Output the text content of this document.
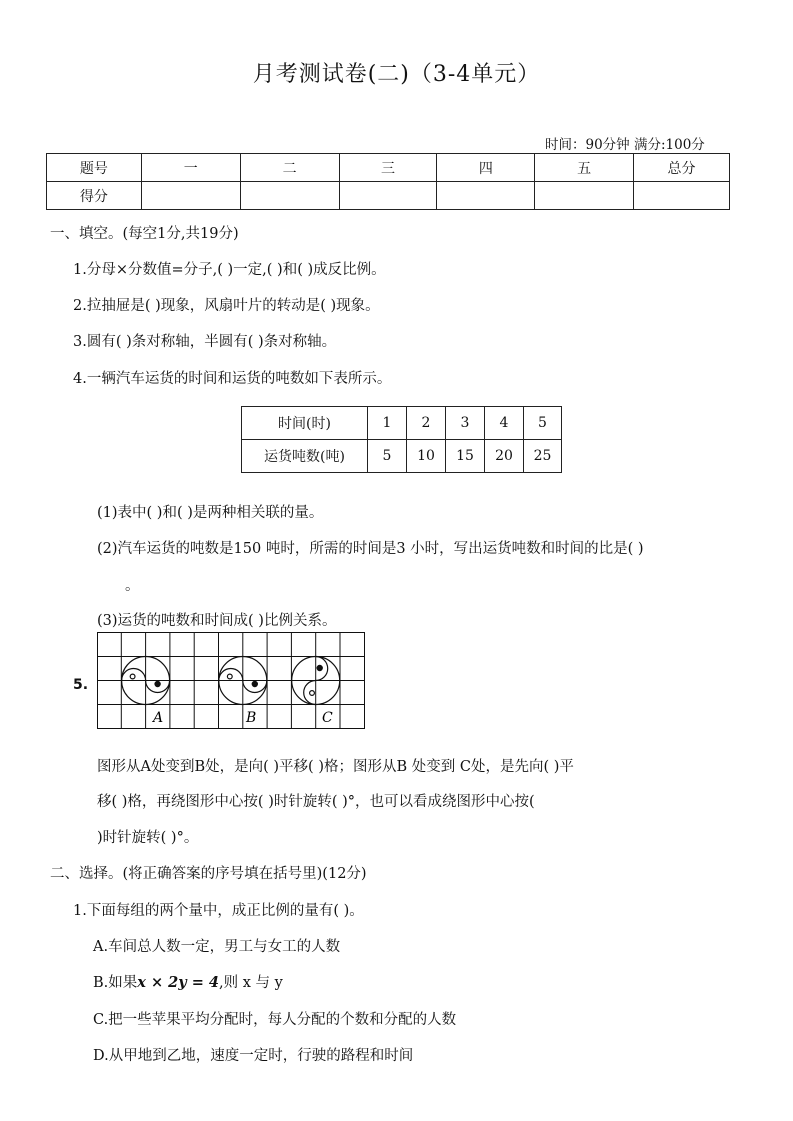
月考测试卷(二)（3-4单元）
时间：90分钟 满分:100分
题号	一	二	三	四	五	总分
得分						
一、填空。(每空1分,共19分)
1.分母×分数值=分子,( )一定,( )和( )成反比例。
2.拉抽屉是( )现象，风扇叶片的转动是( )现象。
3.圆有( )条对称轴，半圆有( )条对称轴。
4.一辆汽车运货的时间和运货的吨数如下表所示。
时间(时)	1	2	3	4	5
运货吨数(吨)	5	10	15	20	25
(1)表中( )和( )是两种相关联的量。
(2)汽车运货的吨数是150 吨时，所需的时间是3 小时，写出运货吨数和时间的比是( )
。
(3)运货的吨数和时间成( )比例关系。
5.
A	B	C
图形从A处变到B处，是向( )平移( )格；图形从B 处变到 C处，是先向( )平
移( )格，再绕图形中心按( )时针旋转( )°，也可以看成绕图形中心按(
)时针旋转( )°。
二、选择。(将正确答案的序号填在括号里)(12分)
1.下面每组的两个量中，成正比例的量有( )。
A.车间总人数一定，男工与女工的人数
B.如果x × 2y = 4,则 x 与 y
C.把一些苹果平均分配时，每人分配的个数和分配的人数
D.从甲地到乙地，速度一定时，行驶的路程和时间
